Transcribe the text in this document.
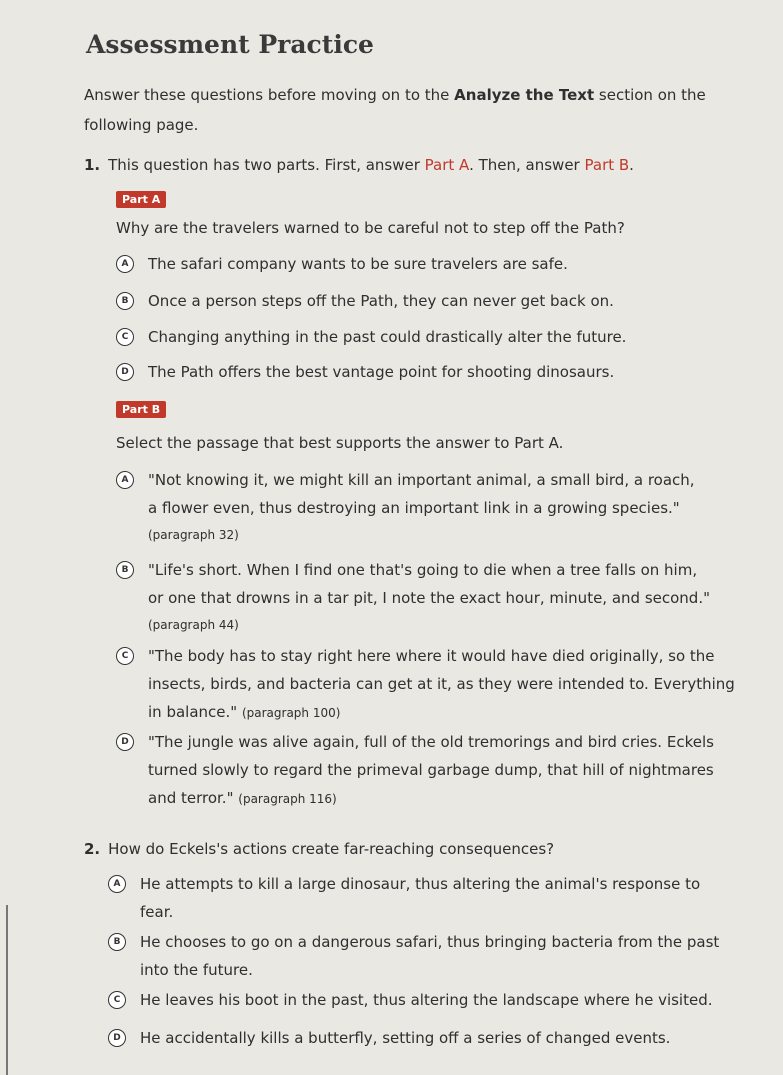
Assessment Practice
Answer these questions before moving on to the Analyze the Text section on the following page.
1. This question has two parts. First, answer Part A. Then, answer Part B.
Part A
Why are the travelers warned to be careful not to step off the Path?
A	The safari company wants to be sure travelers are safe.
B	Once a person steps off the Path, they can never get back on.
C	Changing anything in the past could drastically alter the future.
D	The Path offers the best vantage point for shooting dinosaurs.
Part B
Select the passage that best supports the answer to Part A.
A	"Not knowing it, we might kill an important animal, a small bird, a roach,
a flower even, thus destroying an important link in a growing species."
(paragraph 32)
B	"Life's short. When I find one that's going to die when a tree falls on him,
or one that drowns in a tar pit, I note the exact hour, minute, and second."
(paragraph 44)
C	"The body has to stay right here where it would have died originally, so the
insects, birds, and bacteria can get at it, as they were intended to. Everything
in balance." (paragraph 100)
D	"The jungle was alive again, full of the old tremorings and bird cries. Eckels
turned slowly to regard the primeval garbage dump, that hill of nightmares
and terror." (paragraph 116)
2. How do Eckels's actions create far-reaching consequences?
A	He attempts to kill a large dinosaur, thus altering the animal's response to
fear.
B	He chooses to go on a dangerous safari, thus bringing bacteria from the past
into the future.
C	He leaves his boot in the past, thus altering the landscape where he visited.
D	He accidentally kills a butterfly, setting off a series of changed events.
